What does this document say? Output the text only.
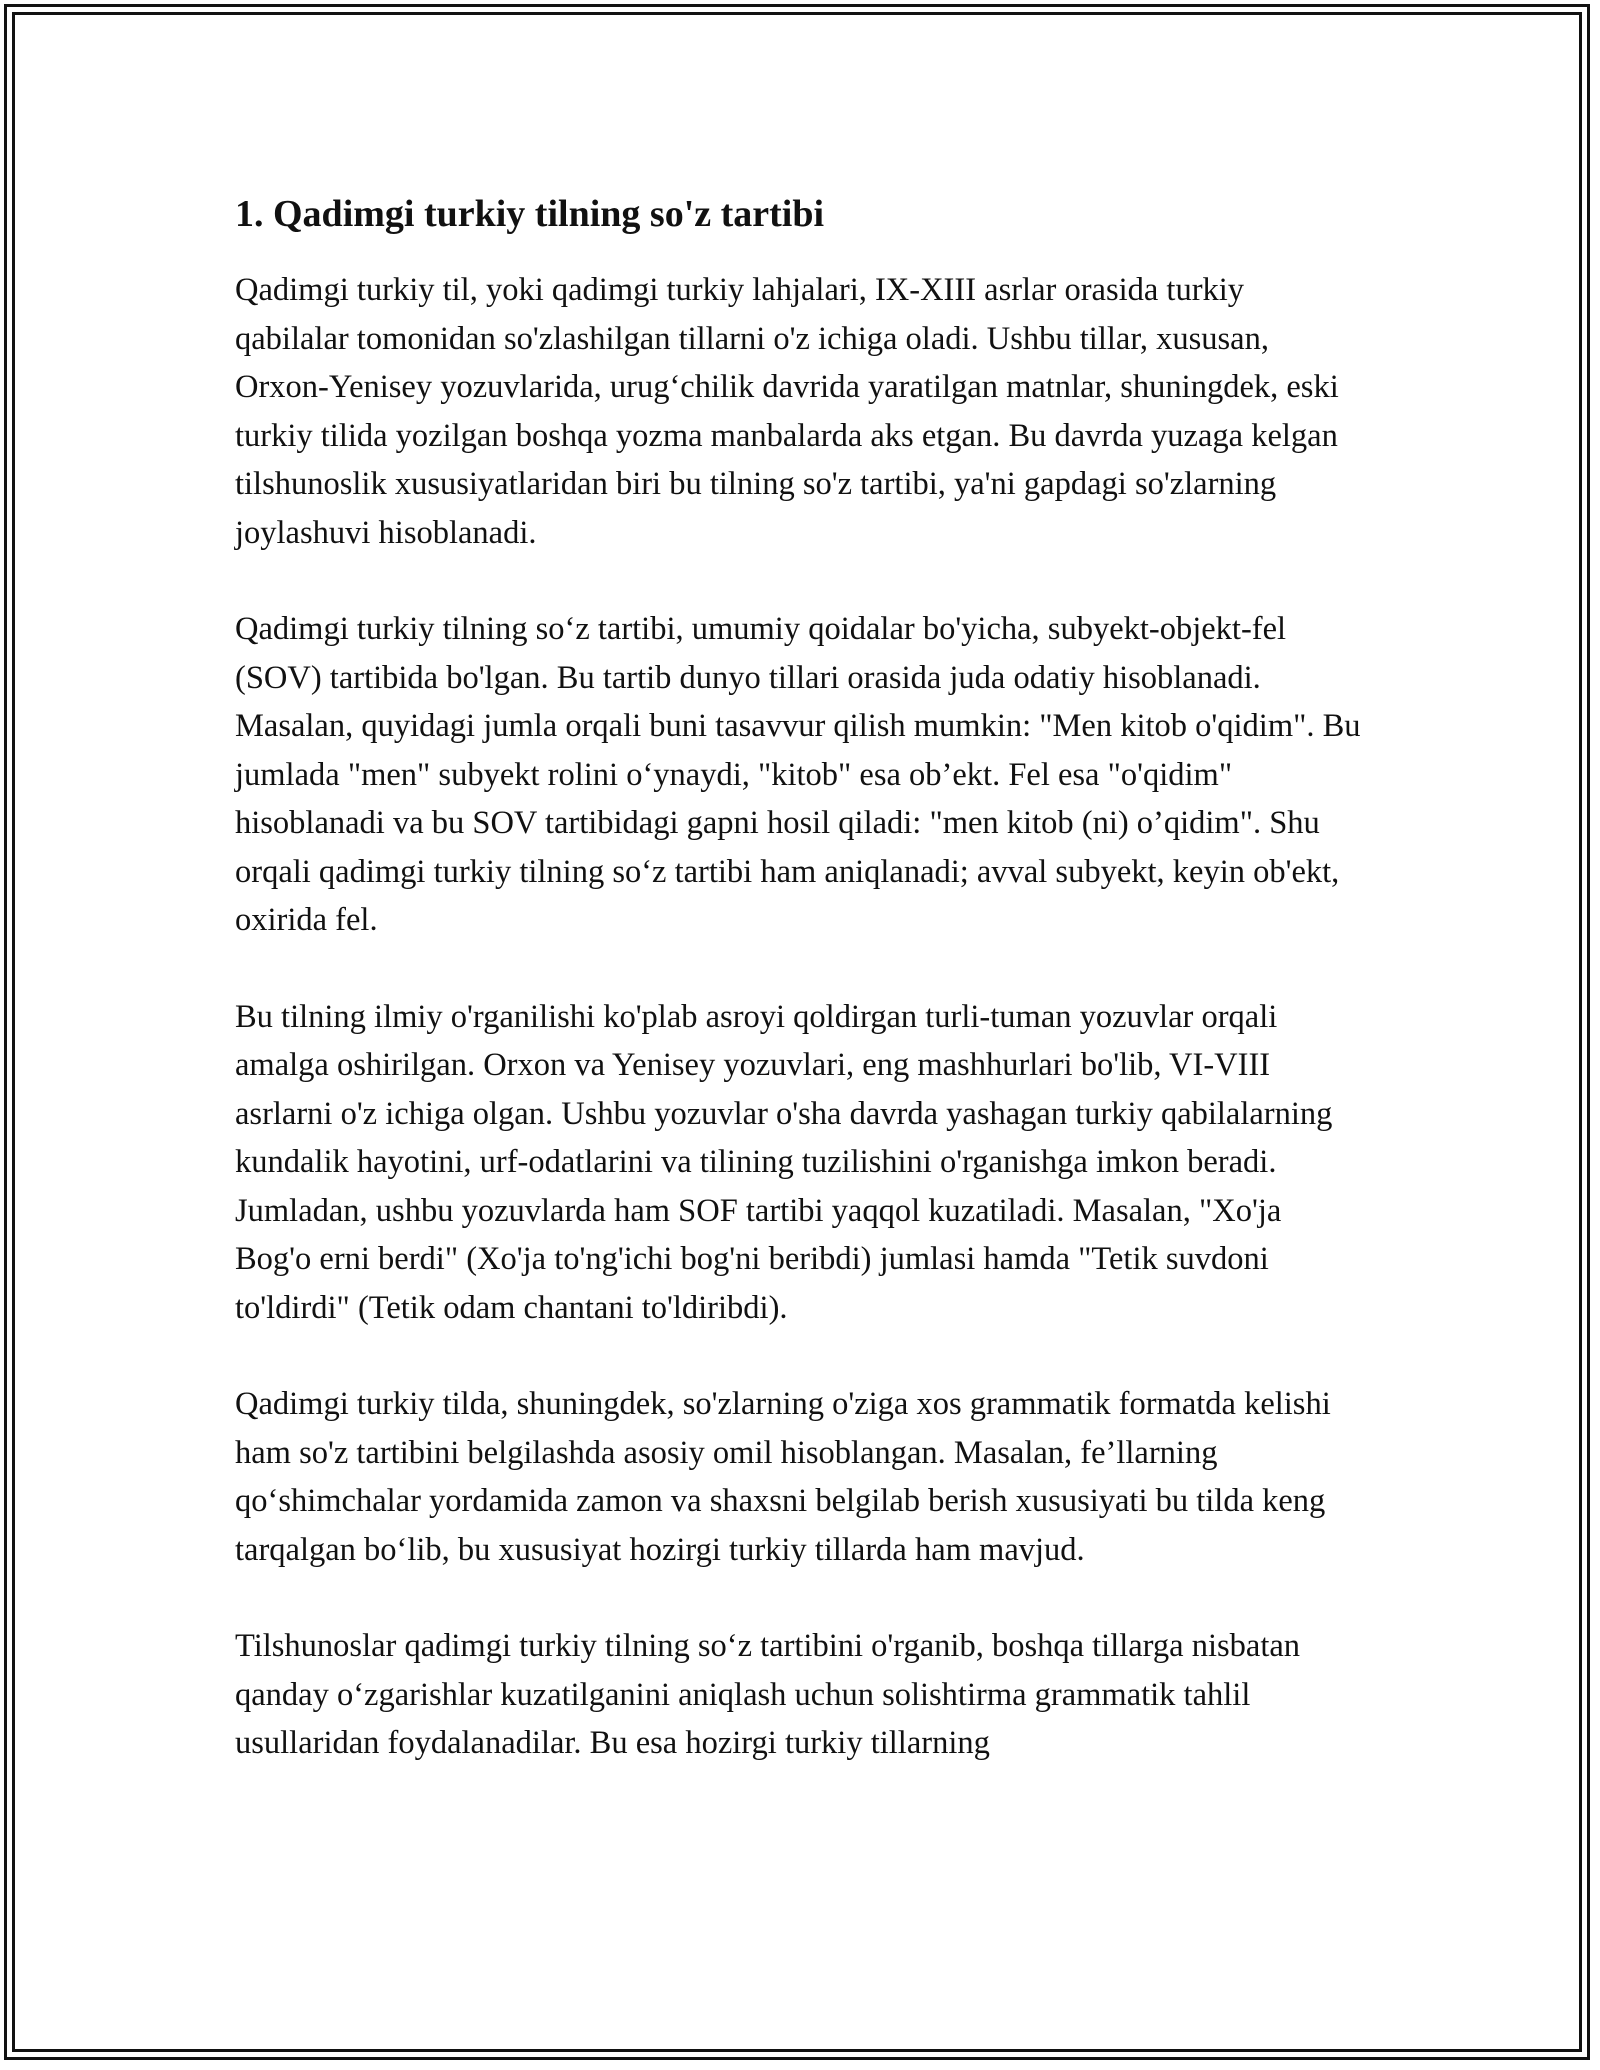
1. Qadimgi turkiy tilning so'z tartibi

Qadimgi turkiy til, yoki qadimgi turkiy lahjalari, IX-XIII asrlar orasida turkiy qabilalar tomonidan so'zlashilgan tillarni o'z ichiga oladi. Ushbu tillar, xususan, Orxon-Yenisey yozuvlarida, urug‘chilik davrida yaratilgan matnlar, shuningdek, eski turkiy tilida yozilgan boshqa yozma manbalarda aks etgan. Bu davrda yuzaga kelgan tilshunoslik xususiyatlaridan biri bu tilning so'z tartibi, ya'ni gapdagi so'zlarning joylashuvi hisoblanadi.

Qadimgi turkiy tilning so‘z tartibi, umumiy qoidalar bo'yicha, subyekt-objekt-fel (SOV) tartibida bo'lgan. Bu tartib dunyo tillari orasida juda odatiy hisoblanadi. Masalan, quyidagi jumla orqali buni tasavvur qilish mumkin: "Men kitob o'qidim". Bu jumlada "men" subyekt rolini o‘ynaydi, "kitob" esa ob’ekt. Fel esa "o'qidim" hisoblanadi va bu SOV tartibidagi gapni hosil qiladi: "men kitob (ni) o’qidim". Shu orqali qadimgi turkiy tilning so‘z tartibi ham aniqlanadi; avval subyekt, keyin ob'ekt, oxirida fel.

Bu tilning ilmiy o'rganilishi ko'plab asroyi qoldirgan turli-tuman yozuvlar orqali amalga oshirilgan. Orxon va Yenisey yozuvlari, eng mashhurlari bo'lib, VI-VIII asrlarni o'z ichiga olgan. Ushbu yozuvlar o'sha davrda yashagan turkiy qabilalarning kundalik hayotini, urf-odatlarini va tilining tuzilishini o'rganishga imkon beradi. Jumladan, ushbu yozuvlarda ham SOF tartibi yaqqol kuzatiladi. Masalan, "Xo'ja Bog'o erni berdi" (Xo'ja to'ng'ichi bog'ni beribdi) jumlasi hamda "Tetik suvdoni to'ldirdi" (Tetik odam chantani to'ldiribdi).

Qadimgi turkiy tilda, shuningdek, so'zlarning o'ziga xos grammatik formatda kelishi ham so'z tartibini belgilashda asosiy omil hisoblangan. Masalan, fe’llarning qo‘shimchalar yordamida zamon va shaxsni belgilab berish xususiyati bu tilda keng tarqalgan bo‘lib, bu xususiyat hozirgi turkiy tillarda ham mavjud.

Tilshunoslar qadimgi turkiy tilning so‘z tartibini o'rganib, boshqa tillarga nisbatan qanday o‘zgarishlar kuzatilganini aniqlash uchun solishtirma grammatik tahlil usullaridan foydalanadilar. Bu esa hozirgi turkiy tillarning
